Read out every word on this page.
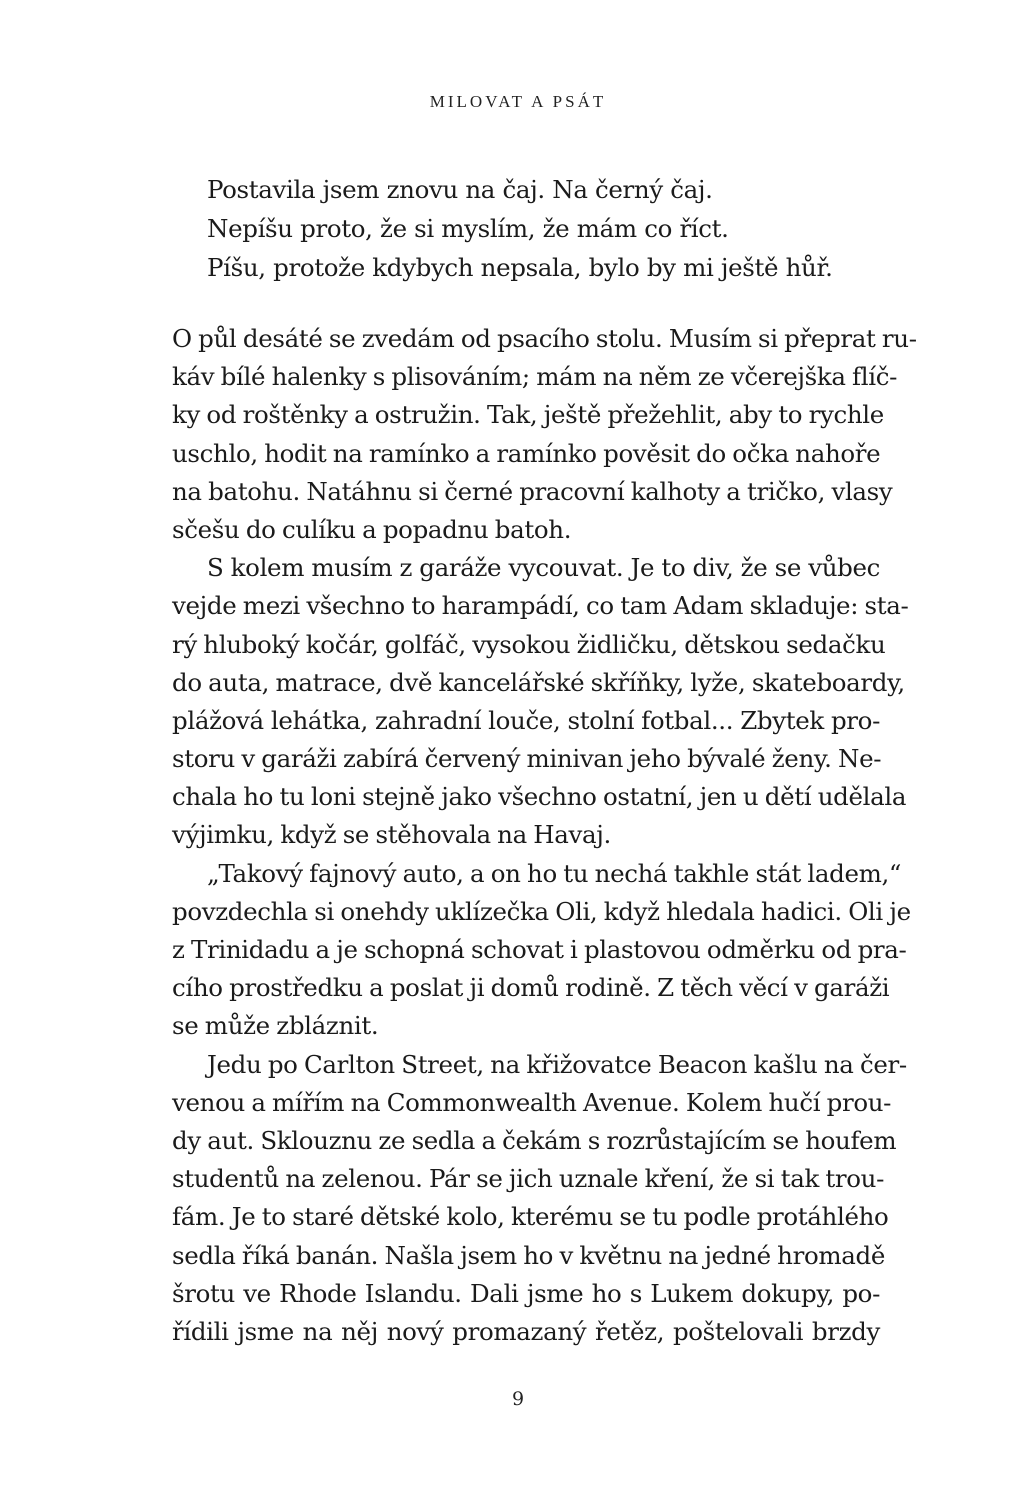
MILOVAT A PSÁT
Postavila jsem znovu na čaj. Na černý čaj.
Nepíšu proto, že si myslím, že mám co říct.
Píšu, protože kdybych nepsala, bylo by mi ještě hůř.
O půl desáté se zvedám od psacího stolu. Musím si přeprat ru-
káv bílé halenky s plisováním; mám na něm ze včerejška flíč-
ky od roštěnky a ostružin. Tak, ještě přežehlit, aby to rychle
uschlo, hodit na ramínko a ramínko pověsit do očka nahoře
na batohu. Natáhnu si černé pracovní kalhoty a tričko, vlasy
sčešu do culíku a popadnu batoh.
S kolem musím z garáže vycouvat. Je to div, že se vůbec
vejde mezi všechno to harampádí, co tam Adam skladuje: sta-
rý hluboký kočár, golfáč, vysokou židličku, dětskou sedačku
do auta, matrace, dvě kancelářské skříňky, lyže, skateboardy,
plážová lehátka, zahradní louče, stolní fotbal... Zbytek pro-
storu v garáži zabírá červený minivan jeho bývalé ženy. Ne-
chala ho tu loni stejně jako všechno ostatní, jen u dětí udělala
výjimku, když se stěhovala na Havaj.
„Takový fajnový auto, a on ho tu nechá takhle stát ladem,“
povzdechla si onehdy uklízečka Oli, když hledala hadici. Oli je
z Trinidadu a je schopná schovat i plastovou odměrku od pra-
cího prostředku a poslat ji domů rodině. Z těch věcí v garáži
se může zbláznit.
Jedu po Carlton Street, na křižovatce Beacon kašlu na čer-
venou a mířím na Commonwealth Avenue. Kolem hučí prou-
dy aut. Sklouznu ze sedla a čekám s rozrůstajícím se houfem
studentů na zelenou. Pár se jich uznale kření, že si tak trou-
fám. Je to staré dětské kolo, kterému se tu podle protáhlého
sedla říká banán. Našla jsem ho v květnu na jedné hromadě
šrotu ve Rhode Islandu. Dali jsme ho s Lukem dokupy, po-
řídili jsme na něj nový promazaný řetěz, poštelovali brzdy
9
